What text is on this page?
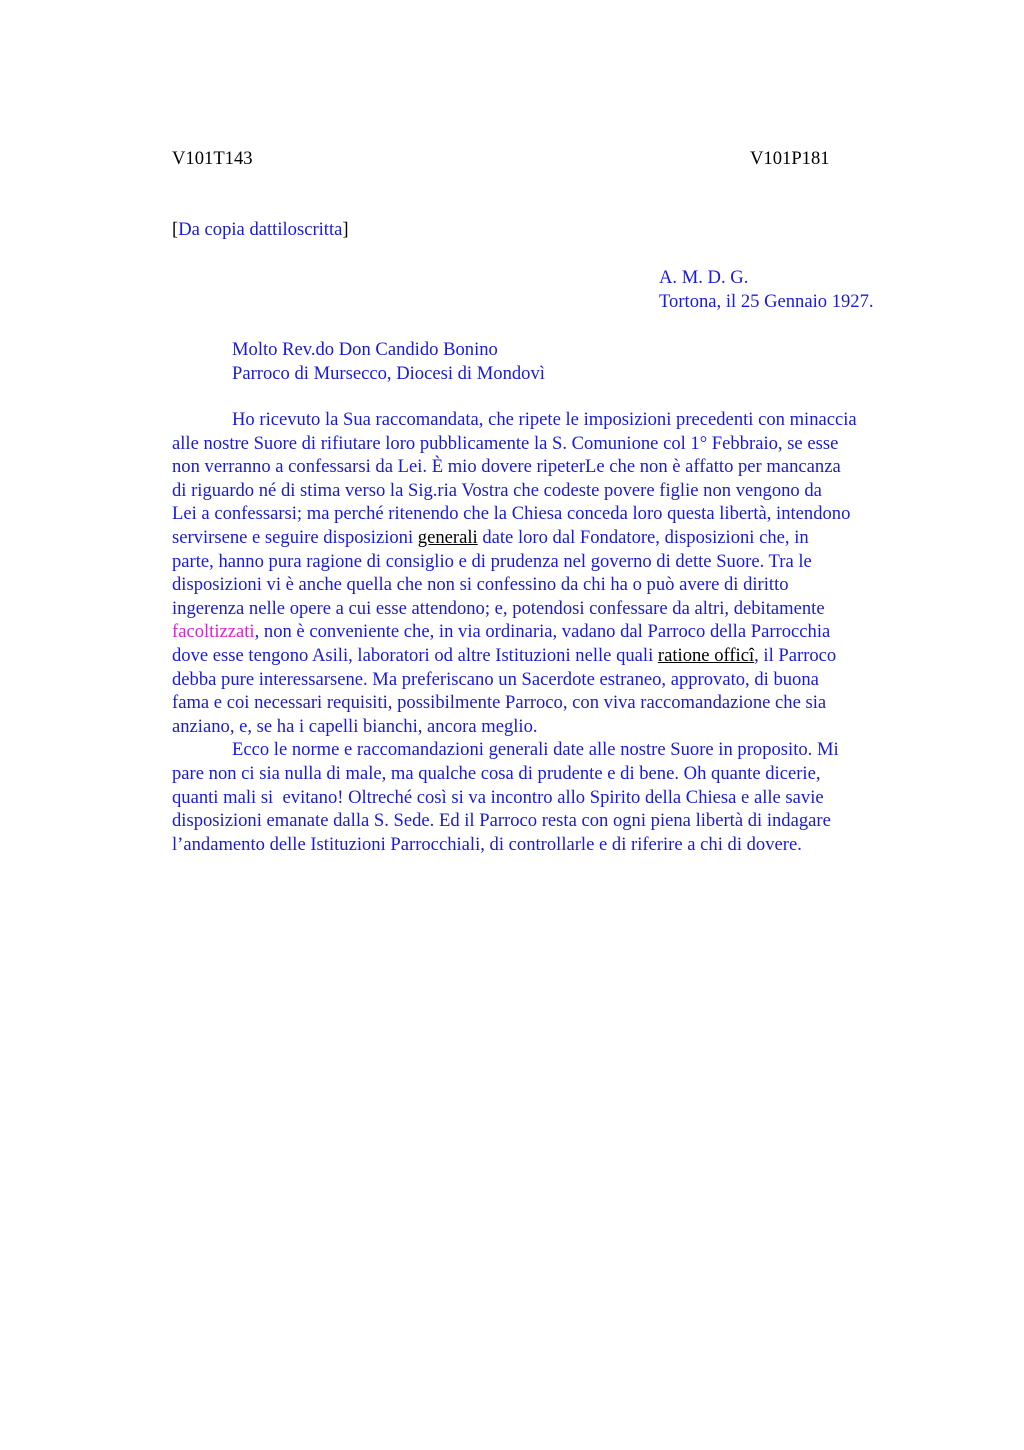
V101T143	V101P181
[Da copia dattiloscritta]
A. M. D. G.
Tortona, il 25 Gennaio 1927.
Molto Rev.do Don Candido Bonino
Parroco di Mursecco, Diocesi di Mondovì
Ho ricevuto la Sua raccomandata, che ripete le imposizioni precedenti con minaccia
alle nostre Suore di rifiutare loro pubblicamente la S. Comunione col 1° Febbraio, se esse
non verranno a confessarsi da Lei. È mio dovere ripeterLe che non è affatto per mancanza
di riguardo né di stima verso la Sig.ria Vostra che codeste povere figlie non vengono da
Lei a confessarsi; ma perché ritenendo che la Chiesa conceda loro questa libertà, intendono
servirsene e seguire disposizioni generali date loro dal Fondatore, disposizioni che, in
parte, hanno pura ragione di consiglio e di prudenza nel governo di dette Suore. Tra le
disposizioni vi è anche quella che non si confessino da chi ha o può avere di diritto
ingerenza nelle opere a cui esse attendono; e, potendosi confessare da altri, debitamente
facoltizzati, non è conveniente che, in via ordinaria, vadano dal Parroco della Parrocchia
dove esse tengono Asili, laboratori od altre Istituzioni nelle quali ratione officî, il Parroco
debba pure interessarsene. Ma preferiscano un Sacerdote estraneo, approvato, di buona
fama e coi necessari requisiti, possibilmente Parroco, con viva raccomandazione che sia
anziano, e, se ha i capelli bianchi, ancora meglio.
Ecco le norme e raccomandazioni generali date alle nostre Suore in proposito. Mi
pare non ci sia nulla di male, ma qualche cosa di prudente e di bene. Oh quante dicerie,
quanti mali si  evitano! Oltreché così si va incontro allo Spirito della Chiesa e alle savie
disposizioni emanate dalla S. Sede. Ed il Parroco resta con ogni piena libertà di indagare
l’andamento delle Istituzioni Parrocchiali, di controllarle e di riferire a chi di dovere.
